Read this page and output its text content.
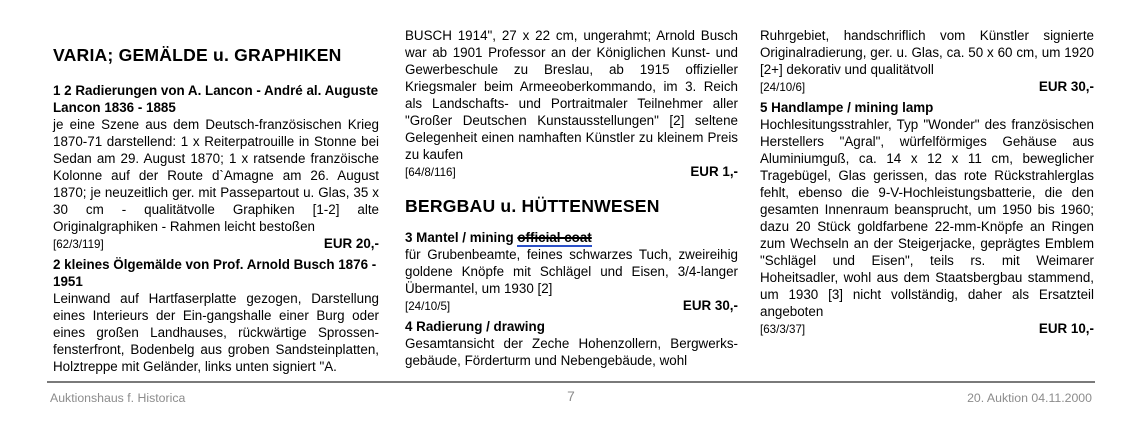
VARIA; GEMÄLDE u. GRAPHIKEN

1 2 Radierungen von A. Lancon - André al. Auguste Lancon 1836 - 1885

je eine Szene aus dem Deutsch-französischen Krieg 1870-71 darstellend: 1 x Reiterpatrouille in Stonne bei Sedan am 29. August 1870; 1 x ratsende franzöische Kolonne auf der Route d`Amagne am 26. August 1870; je neuzeitlich ger. mit Passepartout u. Glas, 35 x 30 cm - qualitätvolle Graphiken [1-2] alte Originalgraphiken - Rahmen leicht bestoßen

[62/3/119]	EUR 20,-

2 kleines Ölgemälde von Prof. Arnold Busch 1876 - 1951

Leinwand auf Hartfaserplatte gezogen, Darstellung eines Interieurs der Ein-gangshalle einer Burg oder eines großen Landhauses, rückwärtige Sprossenfensterfront, Bodenbelg aus groben Sandsteinplatten, Holztreppe mit Geländer, links unten signiert "A.

BUSCH 1914", 27 x 22 cm, ungerahmt; Arnold Busch war ab 1901 Professor an der Königlichen Kunst- und Gewerbeschule zu Breslau, ab 1915 offizieller Kriegsmaler beim Armeeoberkommando, im 3. Reich als Landschafts- und Portraitmaler Teilnehmer aller "Großer Deutschen Kunstausstellungen" [2] seltene Gelegenheit einen namhaften Künstler zu kleinem Preis zu kaufen

[64/8/116]	EUR 1,-
BERGBAU u. HÜTTENWESEN

3 Mantel / mining official coat

für Grubenbeamte, feines schwarzes Tuch, zweireihig goldene Knöpfe mit Schlägel und Eisen, 3/4-langer Übermantel, um 1930 [2]

[24/10/5]	EUR 30,-

4 Radierung / drawing

Gesamtansicht der Zeche Hohenzollern, Bergwerksgebäude, Förderturm und Nebengebäude, wohl

Ruhrgebiet, handschriflich vom Künstler signierte Originalradierung, ger. u. Glas, ca. 50 x 60 cm, um 1920 [2+] dekorativ und qualitätvoll

[24/10/6]	EUR 30,-

5 Handlampe / mining lamp

Hochlesitungsstrahler, Typ "Wonder" des französischen Herstellers "Agral", würfelförmiges Gehäuse aus Aluminiumguß, ca. 14 x 12 x 11 cm, beweglicher Tragebügel, Glas gerissen, das rote Rückstrahlerglas fehlt, ebenso die 9-V-Hochleistungsbatterie, die den gesamten Innenraum beansprucht, um 1950 bis 1960; dazu 20 Stück goldfarbene 22-mm-Knöpfe an Ringen zum Wechseln an der Steigerjacke, geprägtes Emblem "Schlägel und Eisen", teils rs. mit Weimarer Hoheitsadler, wohl aus dem Staatsbergbau stammend, um 1930 [3] nicht vollständig, daher als Ersatzteil angeboten

[63/3/37]	EUR 10,-
Auktionshaus f. Historica	7	20. Auktion 04.11.2000
